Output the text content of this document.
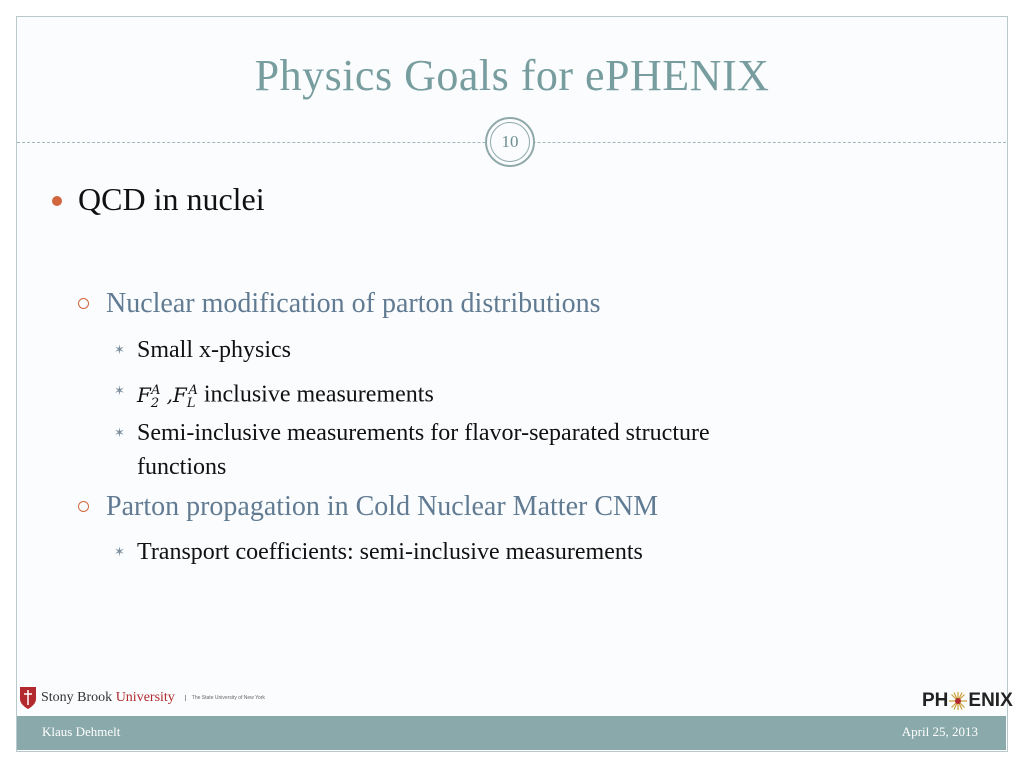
Physics Goals for ePHENIX
10
QCD in nuclei
Nuclear modification of parton distributions
✶ Small x-physics
✶ $F_2^A$ $,F_L^A$ inclusive measurements
✶ Semi-inclusive measurements for flavor-separated structure
functions
Parton propagation in Cold Nuclear Matter CNM
✶ Transport coefficients: semi-inclusive measurements
Stony Brook University	The State University of New York	PH ENIX
Klaus Dehmelt	April 25, 2013
